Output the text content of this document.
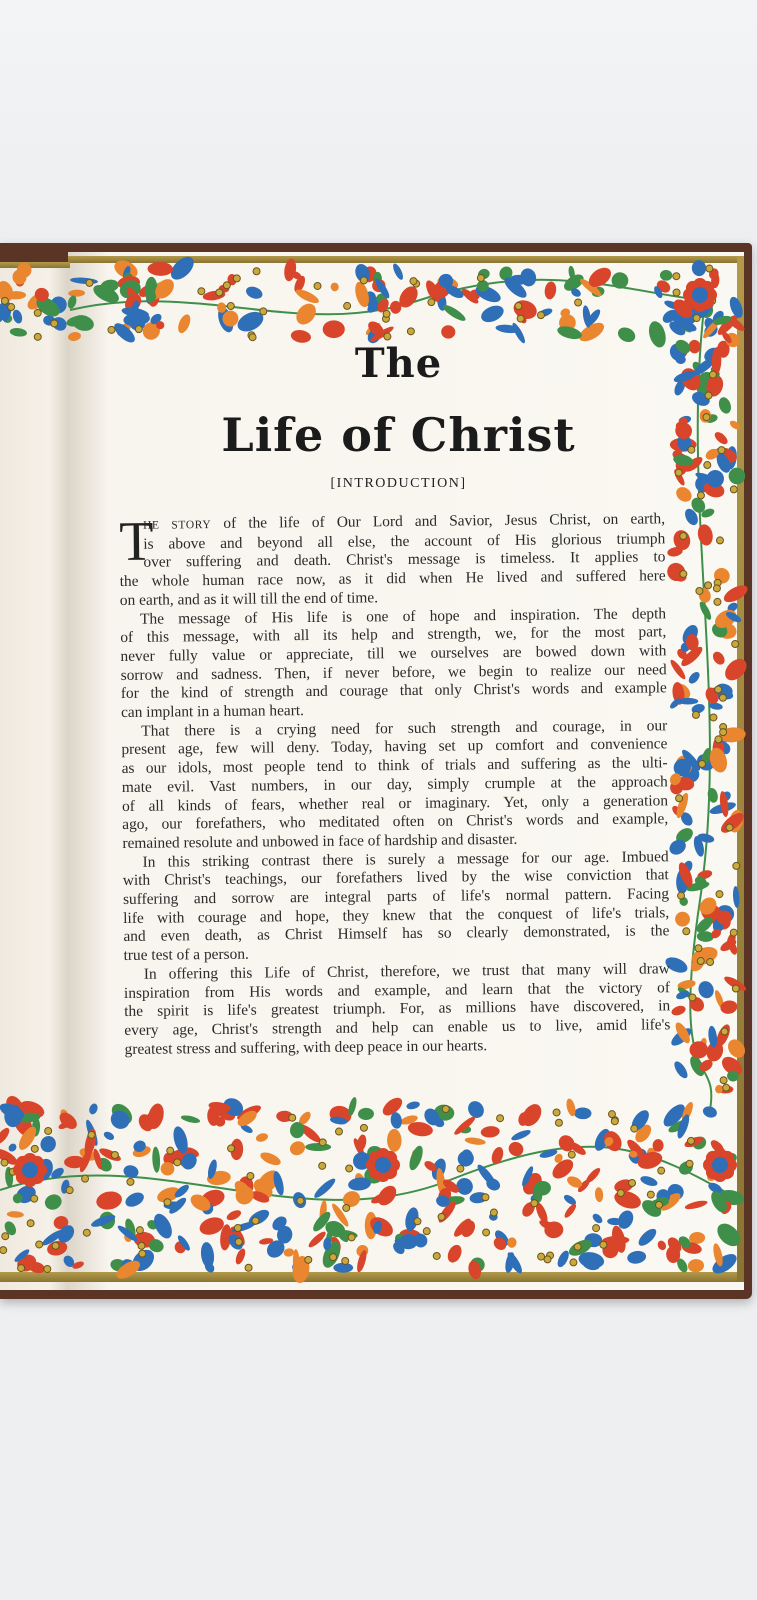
The
Life of Christ
[INTRODUCTION]
T
HE STORY of the life of Our Lord and Savior, Jesus Christ, on earth,
is above and beyond all else, the account of His glorious triumph
over suffering and death. Christ's message is timeless. It applies to
the whole human race now, as it did when He lived and suffered here
on earth, and as it will till the end of time.
The message of His life is one of hope and inspiration. The depth
of this message, with all its help and strength, we, for the most part,
never fully value or appreciate, till we ourselves are bowed down with
sorrow and sadness. Then, if never before, we begin to realize our need
for the kind of strength and courage that only Christ's words and example
can implant in a human heart.
That there is a crying need for such strength and courage, in our
present age, few will deny. Today, having set up comfort and convenience
as our idols, most people tend to think of trials and suffering as the ulti-
mate evil. Vast numbers, in our day, simply crumple at the approach
of all kinds of fears, whether real or imaginary. Yet, only a generation
ago, our forefathers, who meditated often on Christ's words and example,
remained resolute and unbowed in face of hardship and disaster.
In this striking contrast there is surely a message for our age. Imbued
with Christ's teachings, our forefathers lived by the wise conviction that
suffering and sorrow are integral parts of life's normal pattern. Facing
life with courage and hope, they knew that the conquest of life's trials,
and even death, as Christ Himself has so clearly demonstrated, is the
true test of a person.
In offering this Life of Christ, therefore, we trust that many will draw
inspiration from His words and example, and learn that the victory of
the spirit is life's greatest triumph. For, as millions have discovered, in
every age, Christ's strength and help can enable us to live, amid life's
greatest stress and suffering, with deep peace in our hearts.
